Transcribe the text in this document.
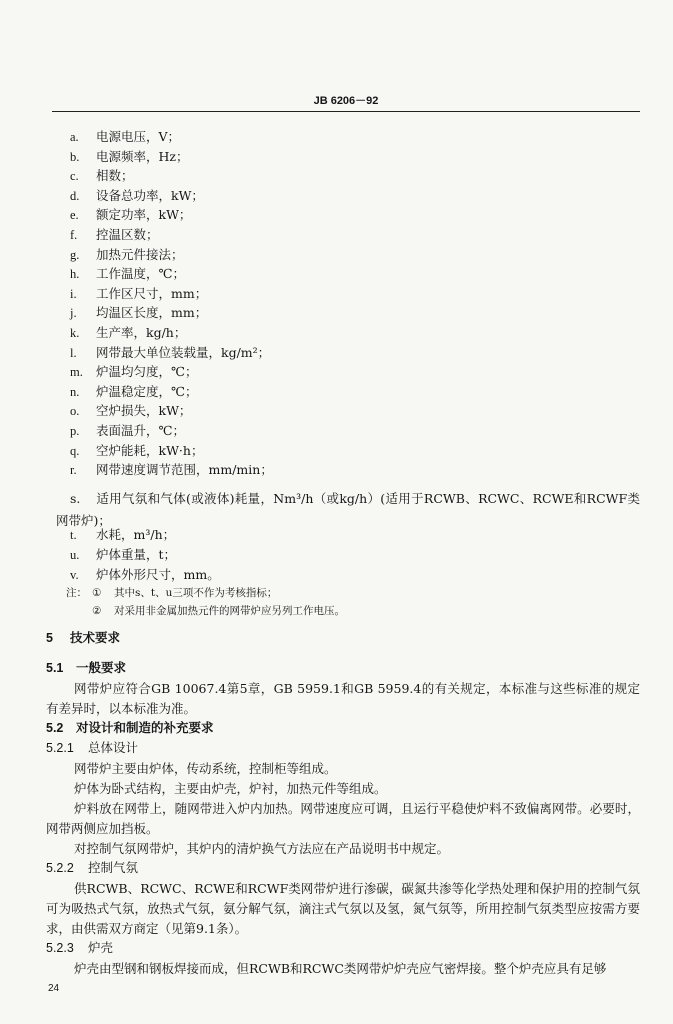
JB 6206－92
a.	电源电压，V；
b.	电源频率，Hz；
c.	相数；
d.	设备总功率，kW；
e.	额定功率，kW；
f.	控温区数；
g.	加热元件接法；
h.	工作温度，℃；
i.	工作区尺寸，mm；
j.	均温区长度，mm；
k.	生产率，kg/h；
l.	网带最大单位装载量，kg/m²；
m.	炉温均匀度，℃；
n.	炉温稳定度，℃；
o.	空炉损失，kW；
p.	表面温升，℃；
q.	空炉能耗，kW·h；
r.	网带速度调节范围，mm/min；

s. 适用气氛和气体(或液体)耗量，Nm³/h（或kg/h）(适用于RCWB、RCWC、RCWE和RCWF类网带炉)；

t.	水耗，m³/h；
u.	炉体重量，t；
v.	炉体外形尺寸，mm。
注： ① 其中s、t、u三项不作为考核指标；
② 对采用非金属加热元件的网带炉应另列工作电压。
5 技术要求
5.1 一般要求

网带炉应符合GB 10067.4第5章，GB 5959.1和GB 5959.4的有关规定，本标准与这些标准的规定有差异时，以本标准为准。

5.2 对设计和制造的补充要求
5.2.1 总体设计

网带炉主要由炉体，传动系统，控制柜等组成。

炉体为卧式结构，主要由炉壳，炉衬，加热元件等组成。

炉料放在网带上，随网带进入炉内加热。网带速度应可调，且运行平稳使炉料不致偏离网带。必要时，网带两侧应加挡板。

对控制气氛网带炉，其炉内的清炉换气方法应在产品说明书中规定。

5.2.2 控制气氛

供RCWB、RCWC、RCWE和RCWF类网带炉进行渗碳，碳氮共渗等化学热处理和保护用的控制气氛可为吸热式气氛，放热式气氛，氨分解气氛，滴注式气氛以及氢，氮气氛等，所用控制气氛类型应按需方要求，由供需双方商定（见第9.1条）。

5.2.3 炉壳

炉壳由型钢和钢板焊接而成，但RCWB和RCWC类网带炉炉壳应气密焊接。整个炉壳应具有足够

24
